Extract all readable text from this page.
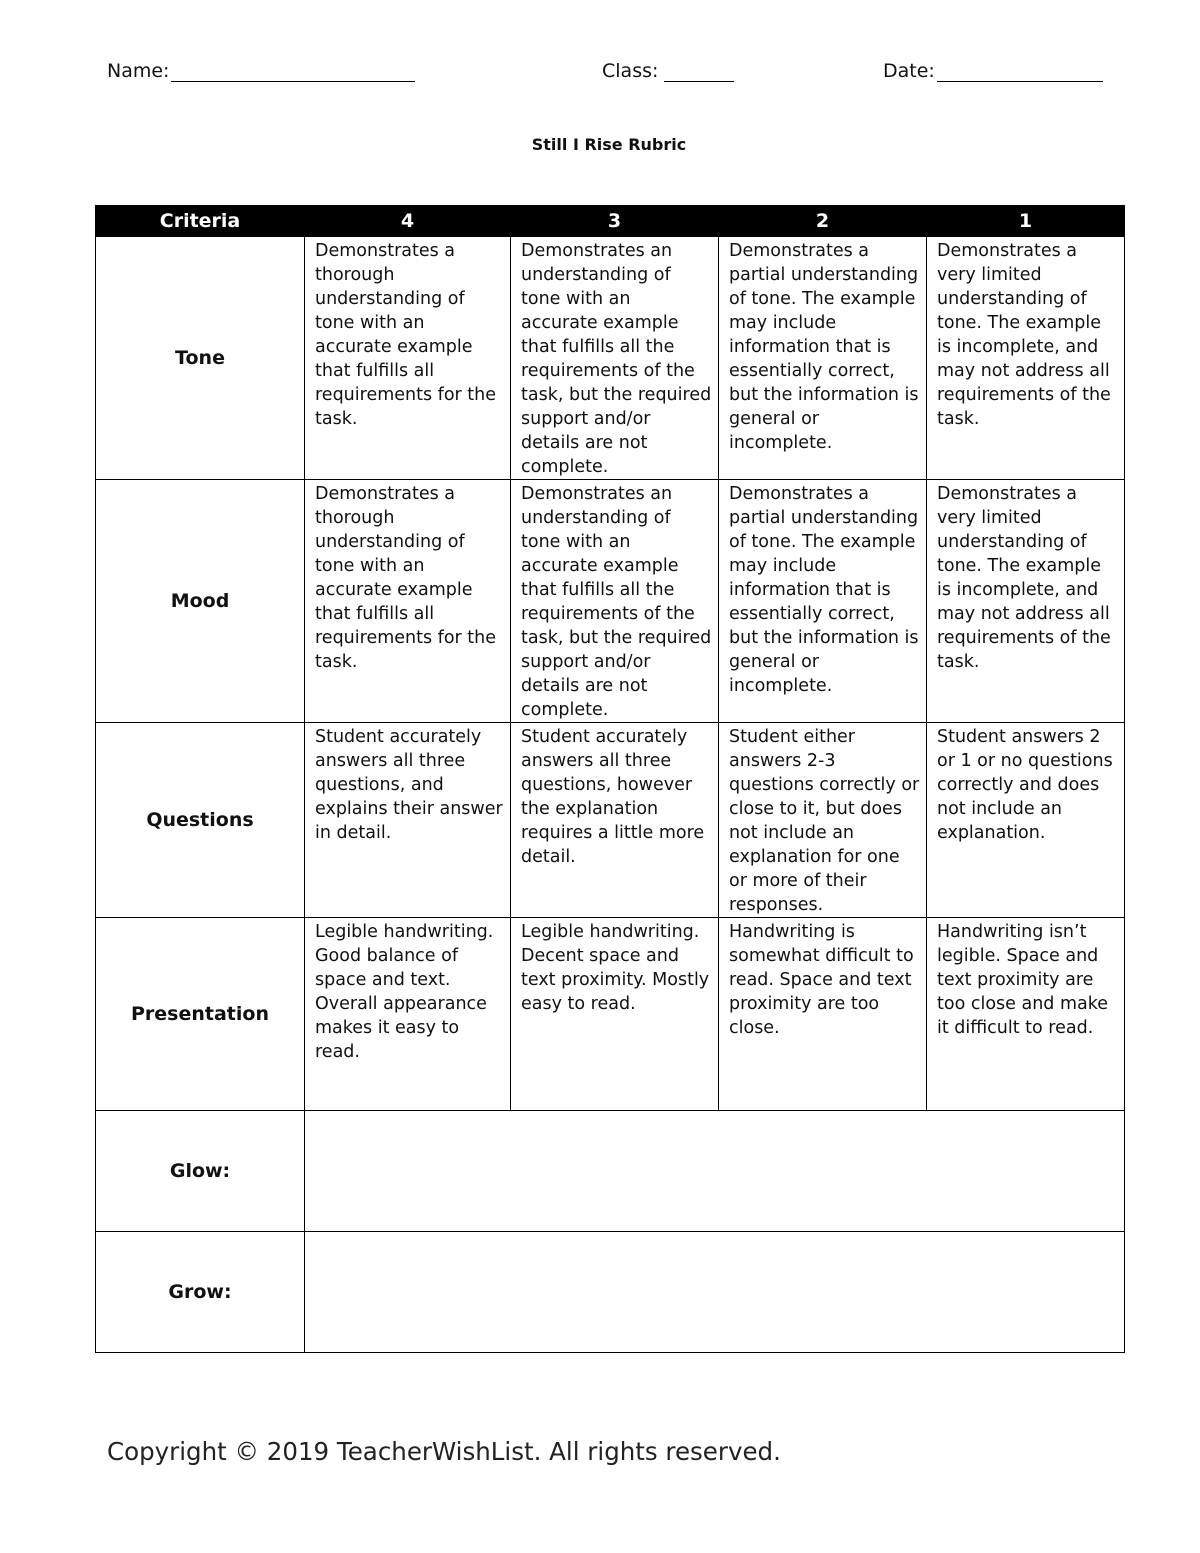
Name:	Class:	Date:
Still I Rise Rubric
Criteria	4	3	2	1
Tone	Demonstrates a thorough understanding of tone with an accurate example that fulfills all requirements for the task.	Demonstrates an understanding of tone with an accurate example that fulfills all the requirements of the task, but the required support and/or details are not complete.	Demonstrates a partial understanding of tone. The example may include information that is essentially correct, but the information is general or incomplete.	Demonstrates a very limited understanding of tone. The example is incomplete, and may not address all requirements of the task.
Mood	Demonstrates a thorough understanding of tone with an accurate example that fulfills all requirements for the task.	Demonstrates an understanding of tone with an accurate example that fulfills all the requirements of the task, but the required support and/or details are not complete.	Demonstrates a partial understanding of tone. The example may include information that is essentially correct, but the information is general or incomplete.	Demonstrates a very limited understanding of tone. The example is incomplete, and may not address all requirements of the task.
Questions	Student accurately answers all three questions, and explains their answer in detail.	Student accurately answers all three questions, however the explanation requires a little more detail.	Student either answers 2-3 questions correctly or close to it, but does not include an explanation for one or more of their responses.	Student answers 2 or 1 or no questions correctly and does not include an explanation.
Presentation	Legible handwriting. Good balance of space and text. Overall appearance makes it easy to read.	Legible handwriting. Decent space and text proximity. Mostly easy to read.	Handwriting is somewhat difficult to read. Space and text proximity are too close.	Handwriting isn’t legible. Space and text proximity are too close and make it difficult to read.
Glow:				
Grow:				
Copyright © 2019 TeacherWishList. All rights reserved.
